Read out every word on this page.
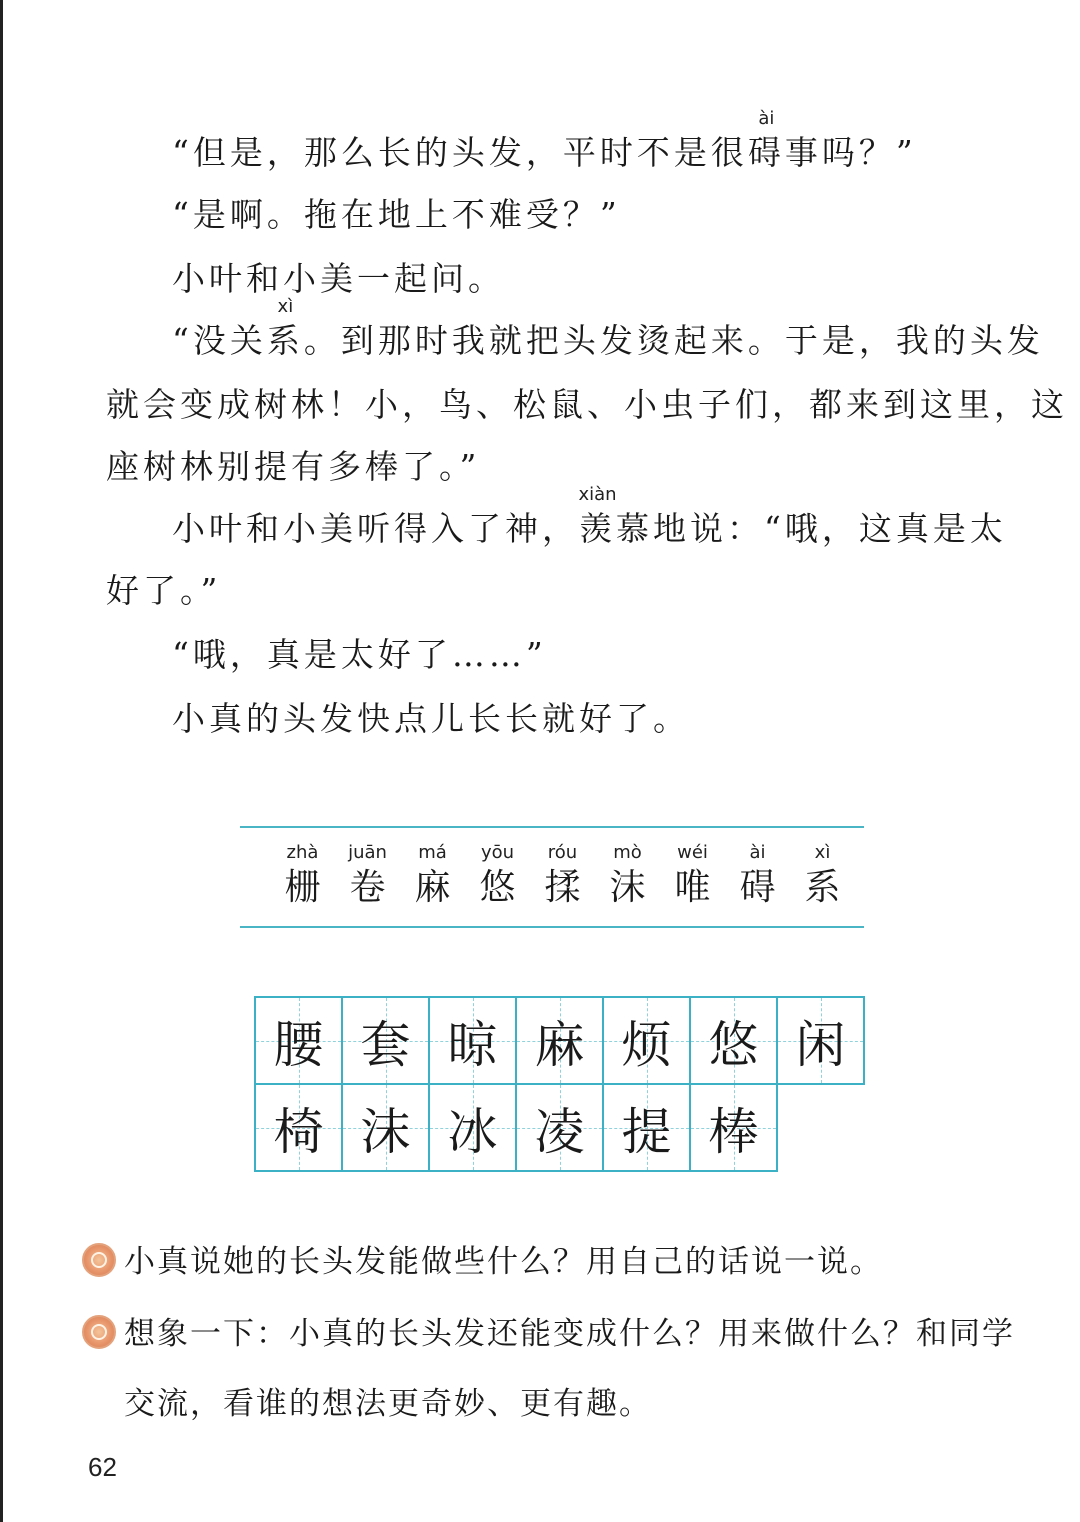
“但是，那么长的头发，平时不是很
ài
碍事吗？”
“是啊。拖在地上不难受？”
小叶和小美一起问。
“没关
xì
系。到那时我就把头发烫起来。于是，我的头发
就会变成树林！小，鸟、松鼠、小虫子们，都来到这里，这
座树林别提有多棒了。”
小叶和小美听得入了神，
xiàn
羡慕地说：“哦，这真是太
好了。”
“哦，真是太好了……”
小真的头发快点儿长长就好了。
zhà
栅
juān
卷
má
麻
yōu
悠
róu
揉
mò
沫
wéi
唯
ài
碍
xì
系
腰 套 晾 麻 烦 悠 闲
椅 沫 冰 凌 提 棒
小真说她的长头发能做些什么？用自己的话说一说。
想象一下：小真的长头发还能变成什么？用来做什么？和同学
交流，看谁的想法更奇妙、更有趣。
62
